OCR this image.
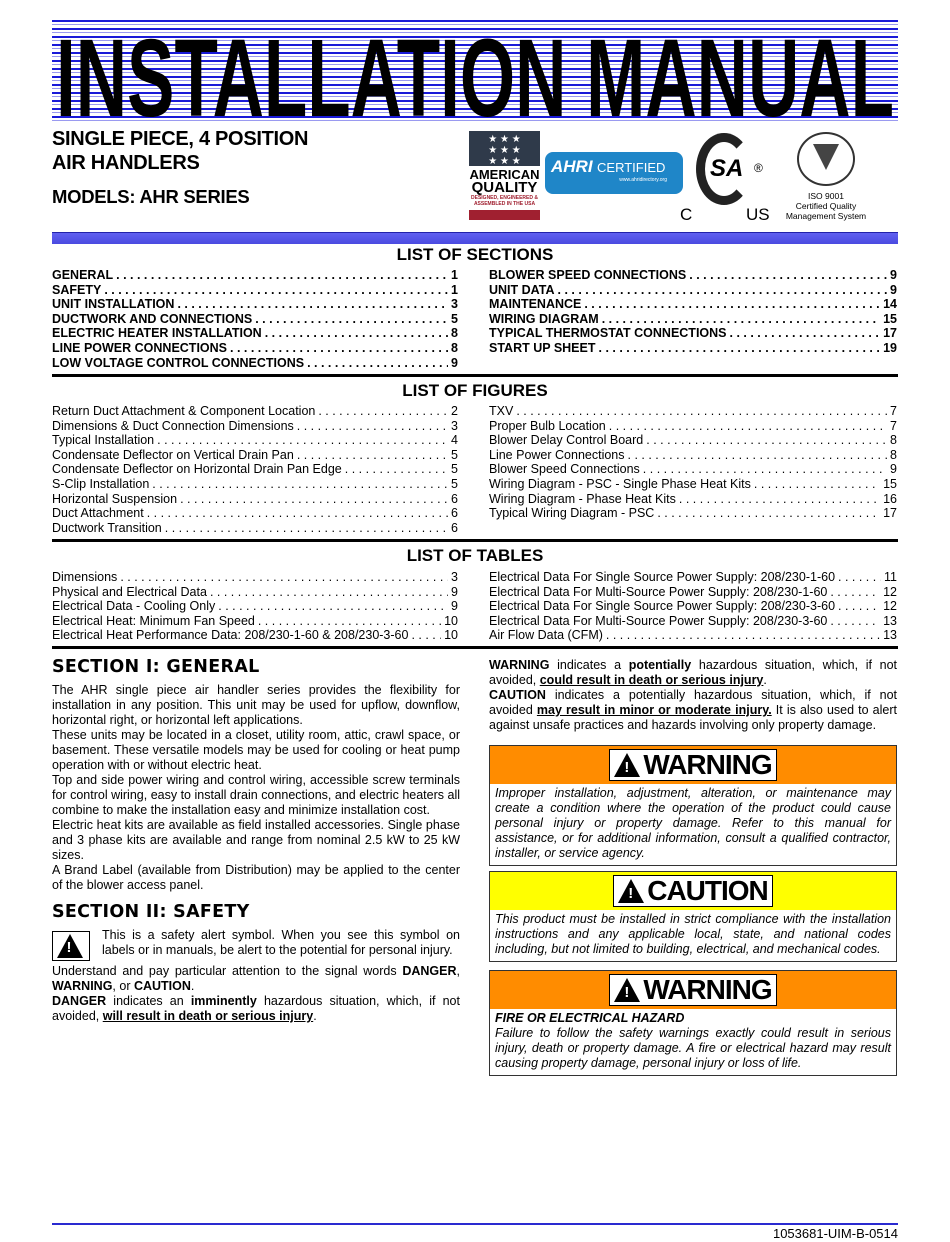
INSTALLATION MANUAL
SINGLE PIECE, 4 POSITION
AIR HANDLERS
MODELS: AHR SERIES
★ ★ ★
★ ★ ★
★ ★ ★
AMERICAN
QUALITY
DESIGNED, ENGINEERED &
ASSEMBLED IN THE USA
AHRI CERTIFIED
www.ahridirectory.org	SA ®
C	US
ISO 9001
Certified Quality
Management System
LIST OF SECTIONS
GENERAL . . .	1
SAFETY . . .	1
UNIT INSTALLATION . . .	3
DUCTWORK AND CONNECTIONS . . .	5
ELECTRIC HEATER INSTALLATION . . .	8
LINE POWER CONNECTIONS . . .	8
LOW VOLTAGE CONTROL CONNECTIONS . . .	9
BLOWER SPEED CONNECTIONS . . .	9
UNIT DATA . . .	9
MAINTENANCE . . .	14
WIRING DIAGRAM . . .	15
TYPICAL THERMOSTAT CONNECTIONS . . .	17
START UP SHEET . . .	19
LIST OF FIGURES
Return Duct Attachment & Component Location . . .	2
Dimensions & Duct Connection Dimensions . . .	3
Typical Installation . . .	4
Condensate Deflector on Vertical Drain Pan . . .	5
Condensate Deflector on Horizontal Drain Pan Edge . . .	5
S-Clip Installation . . .	5
Horizontal Suspension . . .	6
Duct Attachment . . .	6
Ductwork Transition . . .	6
TXV . . .	7
Proper Bulb Location . . .	7
Blower Delay Control Board . . .	8
Line Power Connections . . .	8
Blower Speed Connections . . .	9
Wiring Diagram - PSC - Single Phase Heat Kits . . .	15
Wiring Diagram - Phase Heat Kits . . .	16
Typical Wiring Diagram - PSC . . .	17
LIST OF TABLES
Dimensions . . .	3
Physical and Electrical Data . . .	9
Electrical Data - Cooling Only . . .	9
Electrical Heat: Minimum Fan Speed . . .	10
Electrical Heat Performance Data: 208/230-1-60 & 208/230-3-60 . . .	10
Electrical Data For Single Source Power Supply: 208/230-1-60 . . .	11
Electrical Data For Multi-Source Power Supply: 208/230-1-60 . . .	12
Electrical Data For Single Source Power Supply: 208/230-3-60 . . .	12
Electrical Data For Multi-Source Power Supply: 208/230-3-60 . . .	13
Air Flow Data (CFM) . . .	13
SECTION I: GENERAL

The AHR single piece air handler series provides the flexibility for installation in any position. This unit may be used for upflow, downflow, horizontal right, or horizontal left applications.

These units may be located in a closet, utility room, attic, crawl space, or basement. These versatile models may be used for cooling or heat pump operation with or without electric heat.

Top and side power wiring and control wiring, accessible screw terminals for control wiring, easy to install drain connections, and electric heaters all combine to make the installation easy and minimize installation cost.

Electric heat kits are available as field installed accessories. Single phase and 3 phase kits are available and range from nominal 2.5 kW to 25 kW sizes.

A Brand Label (available from Distribution) may be applied to the center of the blower access panel.

SECTION II: SAFETY
!

This is a safety alert symbol. When you see this symbol on labels or in manuals, be alert to the potential for personal injury.

Understand and pay particular attention to the signal words DANGER, WARNING, or CAUTION.
DANGER indicates an imminently hazardous situation, which, if not avoided, will result in death or serious injury.
WARNING indicates a potentially hazardous situation, which, if not avoided, could result in death or serious injury.
CAUTION indicates a potentially hazardous situation, which, if not avoided may result in minor or moderate injury. It is also used to alert against unsafe practices and hazards involving only property damage.
!
WARNING
Improper installation, adjustment, alteration, or maintenance may create a condition where the operation of the product could cause personal injury or property damage. Refer to this manual for assistance, or for additional information, consult a qualified contractor, installer, or service agency.
!
CAUTION
This product must be installed in strict compliance with the installation instructions and any applicable local, state, and national codes including, but not limited to building, electrical, and mechanical codes.
!
WARNING
FIRE OR ELECTRICAL HAZARD
Failure to follow the safety warnings exactly could result in serious injury, death or property damage. A fire or electrical hazard may result causing property damage, personal injury or loss of life.
1053681-UIM-B-0514
